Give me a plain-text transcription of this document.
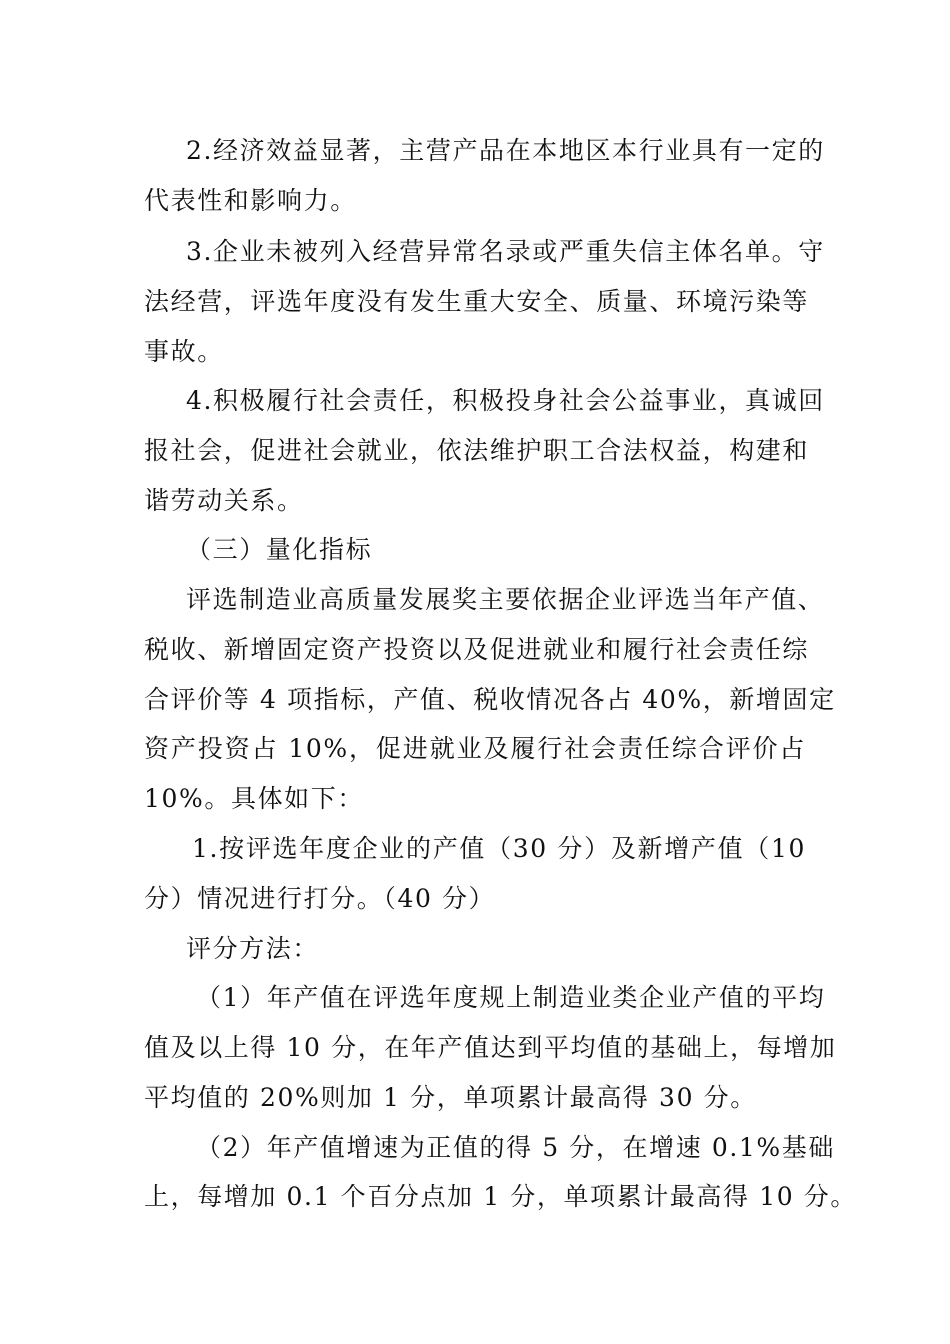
2.经济效益显著，主营产品在本地区本行业具有一定的
代表性和影响力。
3.企业未被列入经营异常名录或严重失信主体名单。守
法经营，评选年度没有发生重大安全、质量、环境污染等
事故。
4.积极履行社会责任，积极投身社会公益事业，真诚回
报社会，促进社会就业，依法维护职工合法权益，构建和
谐劳动关系。
（三）量化指标
评选制造业高质量发展奖主要依据企业评选当年产值、
税收、新增固定资产投资以及促进就业和履行社会责任综
合评价等 4 项指标，产值、税收情况各占 40%，新增固定
资产投资占 10%，促进就业及履行社会责任综合评价占
10%。具体如下：
1.按评选年度企业的产值（30 分）及新增产值（10
分）情况进行打分。（40 分）
评分方法：
（1）年产值在评选年度规上制造业类企业产值的平均
值及以上得 10 分，在年产值达到平均值的基础上，每增加
平均值的 20%则加 1 分，单项累计最高得 30 分。
（2）年产值增速为正值的得 5 分，在增速 0.1%基础
上，每增加 0.1 个百分点加 1 分，单项累计最高得 10 分。
